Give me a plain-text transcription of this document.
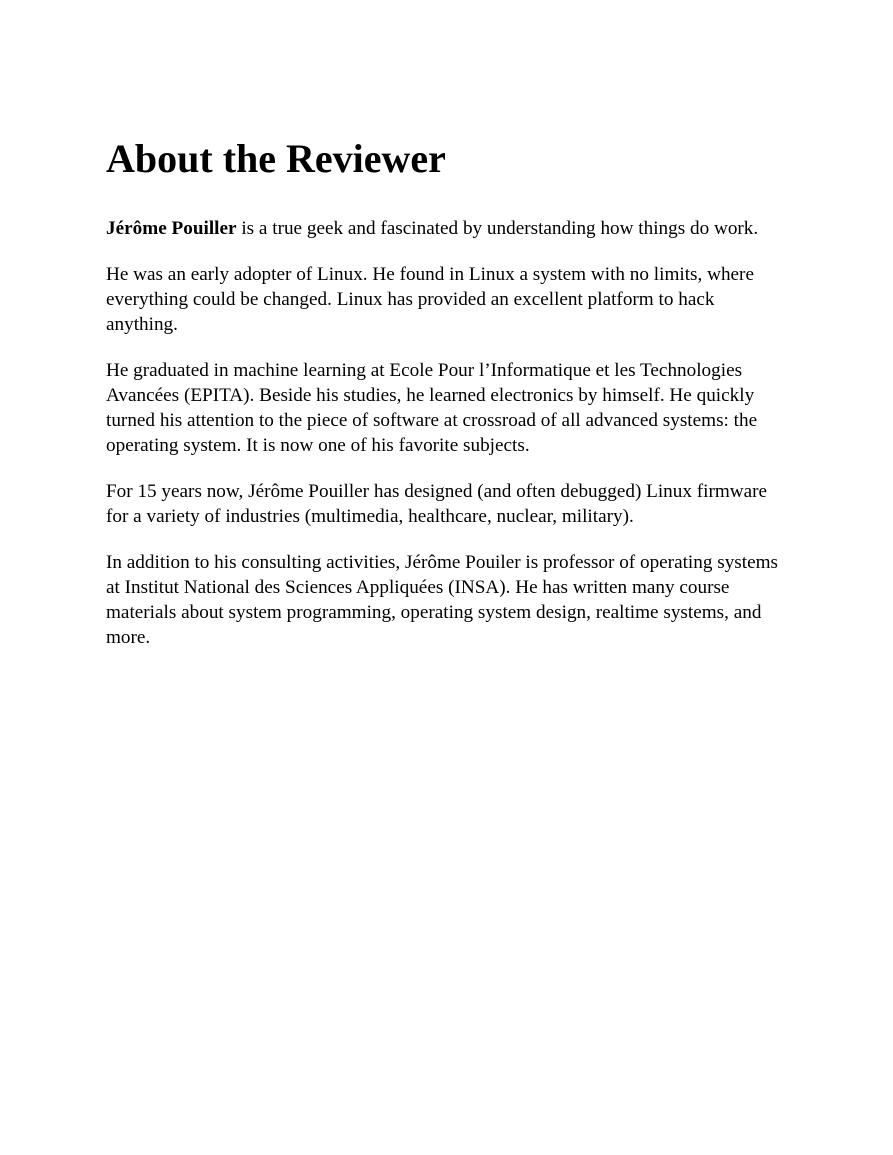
About the Reviewer

Jérôme Pouiller is a true geek and fascinated by understanding how things do work.

He was an early adopter of Linux. He found in Linux a system with no limits, where everything could be changed. Linux has provided an excellent platform to hack anything.

He graduated in machine learning at Ecole Pour l’Informatique et les Technologies Avancées (EPITA). Beside his studies, he learned electronics by himself. He quickly turned his attention to the piece of software at crossroad of all advanced systems: the operating system. It is now one of his favorite subjects.

For 15 years now, Jérôme Pouiller has designed (and often debugged) Linux firmware for a variety of industries (multimedia, healthcare, nuclear, military).

In addition to his consulting activities, Jérôme Pouiler is professor of operating systems at Institut National des Sciences Appliquées (INSA). He has written many course materials about system programming, operating system design, realtime systems, and more.
